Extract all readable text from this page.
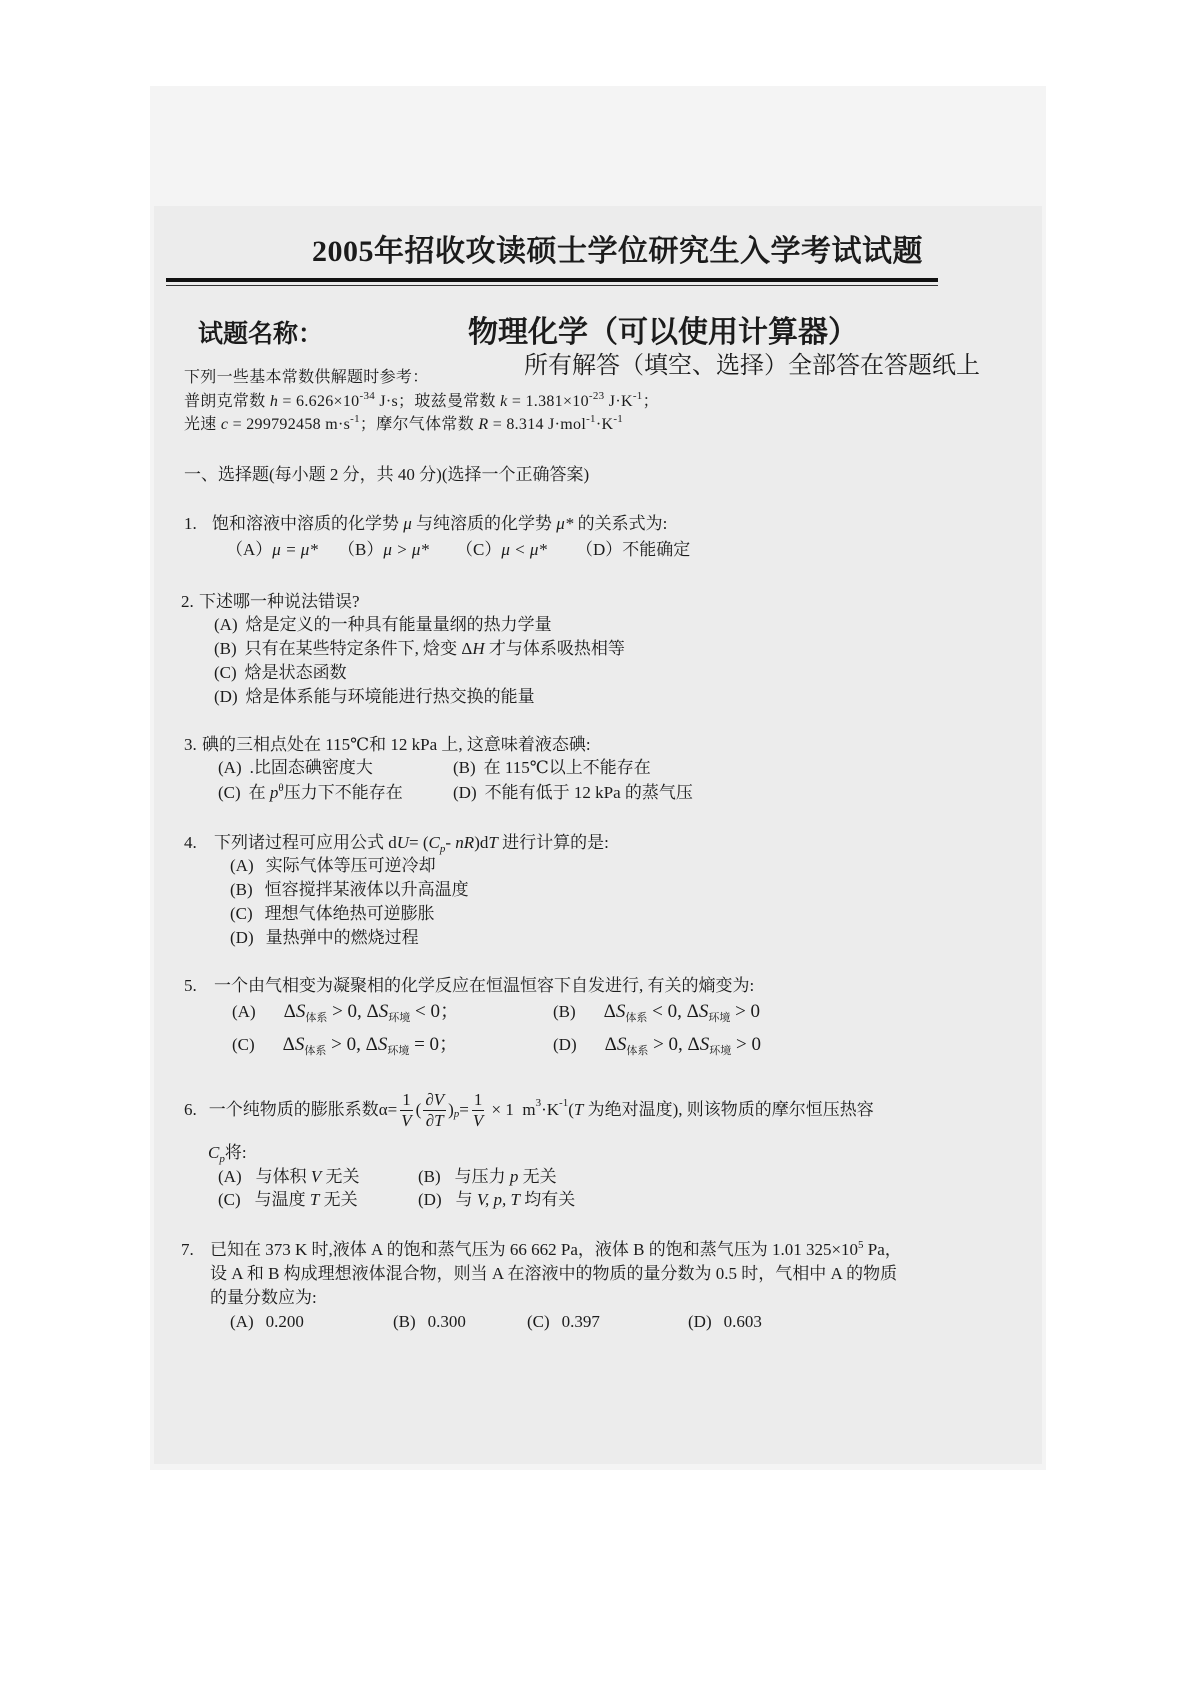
2005年招收攻读硕士学位研究生入学考试试题
试题名称：	物理化学（可以使用计算器）
所有解答（填空、选择）全部答在答题纸上
下列一些基本常数供解题时参考：
普朗克常数 $h = 6.626\times 10^{-34}$ J·s；玻兹曼常数 $k = 1.381\times 10^{-23}$ $J\cdot K^{-1}$；
光速 c = 299792458 $m\cdot s^{-1}$；摩尔气体常数 R = 8.314 $J\cdot mol^{-1}\cdot K^{-1}$
一、选择题(每小题 2 分，共 40 分)(选择一个正确答案)
1. 饱和溶液中溶质的化学势 μ 与纯溶质的化学势 μ* 的关系式为:
（A）μ = μ* （B）μ > μ* （C）μ < μ* （D）不能确定
2. 下述哪一种说法错误?
(A) 焓是定义的一种具有能量量纲的热力学量
(B) 只有在某些特定条件下, 焓变 ΔH 才与体系吸热相等
(C) 焓是状态函数
(D) 焓是体系能与环境能进行热交换的能量
3. 碘的三相点处在 115℃和 12 kPa 上, 这意味着液态碘:
(A) .比固态碘密度大	(B) 在 115℃以上不能存在
(C) 在 $p^\theta$压力下不能存在	(D) 不能有低于 12 kPa 的蒸气压
4. 下列诸过程可应用公式 $dU= (C_p-$ nR)dT 进行计算的是:
(A) 实际气体等压可逆冷却
(B) 恒容搅拌某液体以升高温度
(C) 理想气体绝热可逆膨胀
(D) 量热弹中的燃烧过程
5. 一个由气相变为凝聚相的化学反应在恒温恒容下自发进行, 有关的熵变为:
(A) $\Delta S_{体系} > 0$, $\Delta S_{环境} < 0$；	(B) $\Delta S_{体系} < 0$, $\Delta S_{环境} > 0$
(C) $\Delta S_{体系} > 0$, $\Delta S_{环境} = 0$；	(D) $\Delta S_{体系} > 0$, $\Delta S_{环境} > 0$
6. 一个纯物质的膨胀系数$\alpha= \frac{1}{V}$ ( $\frac{\partial V}{\partial T}$ ) $p = \frac{1}{V} \times 1$  m 3 ·K -1 ( T 为绝对温度), 则该物质的摩尔恒压热容
$C_p$将:
(A) 与体积 V 无关	(B) 与压力 p 无关
(C) 与温度 T 无关	(D) 与 V, p, T 均有关
7. 已知在 373 K 时,液体 A 的饱和蒸气压为 66 662 Pa，液体 B 的饱和蒸气压为 1.01 $325\times 10^5$ Pa，
设 A 和 B 构成理想液体混合物，则当 A 在溶液中的物质的量分数为 0.5 时，气相中 A 的物质
的量分数应为:
(A) 0.200	(B) 0.300	(C) 0.397	(D) 0.603
